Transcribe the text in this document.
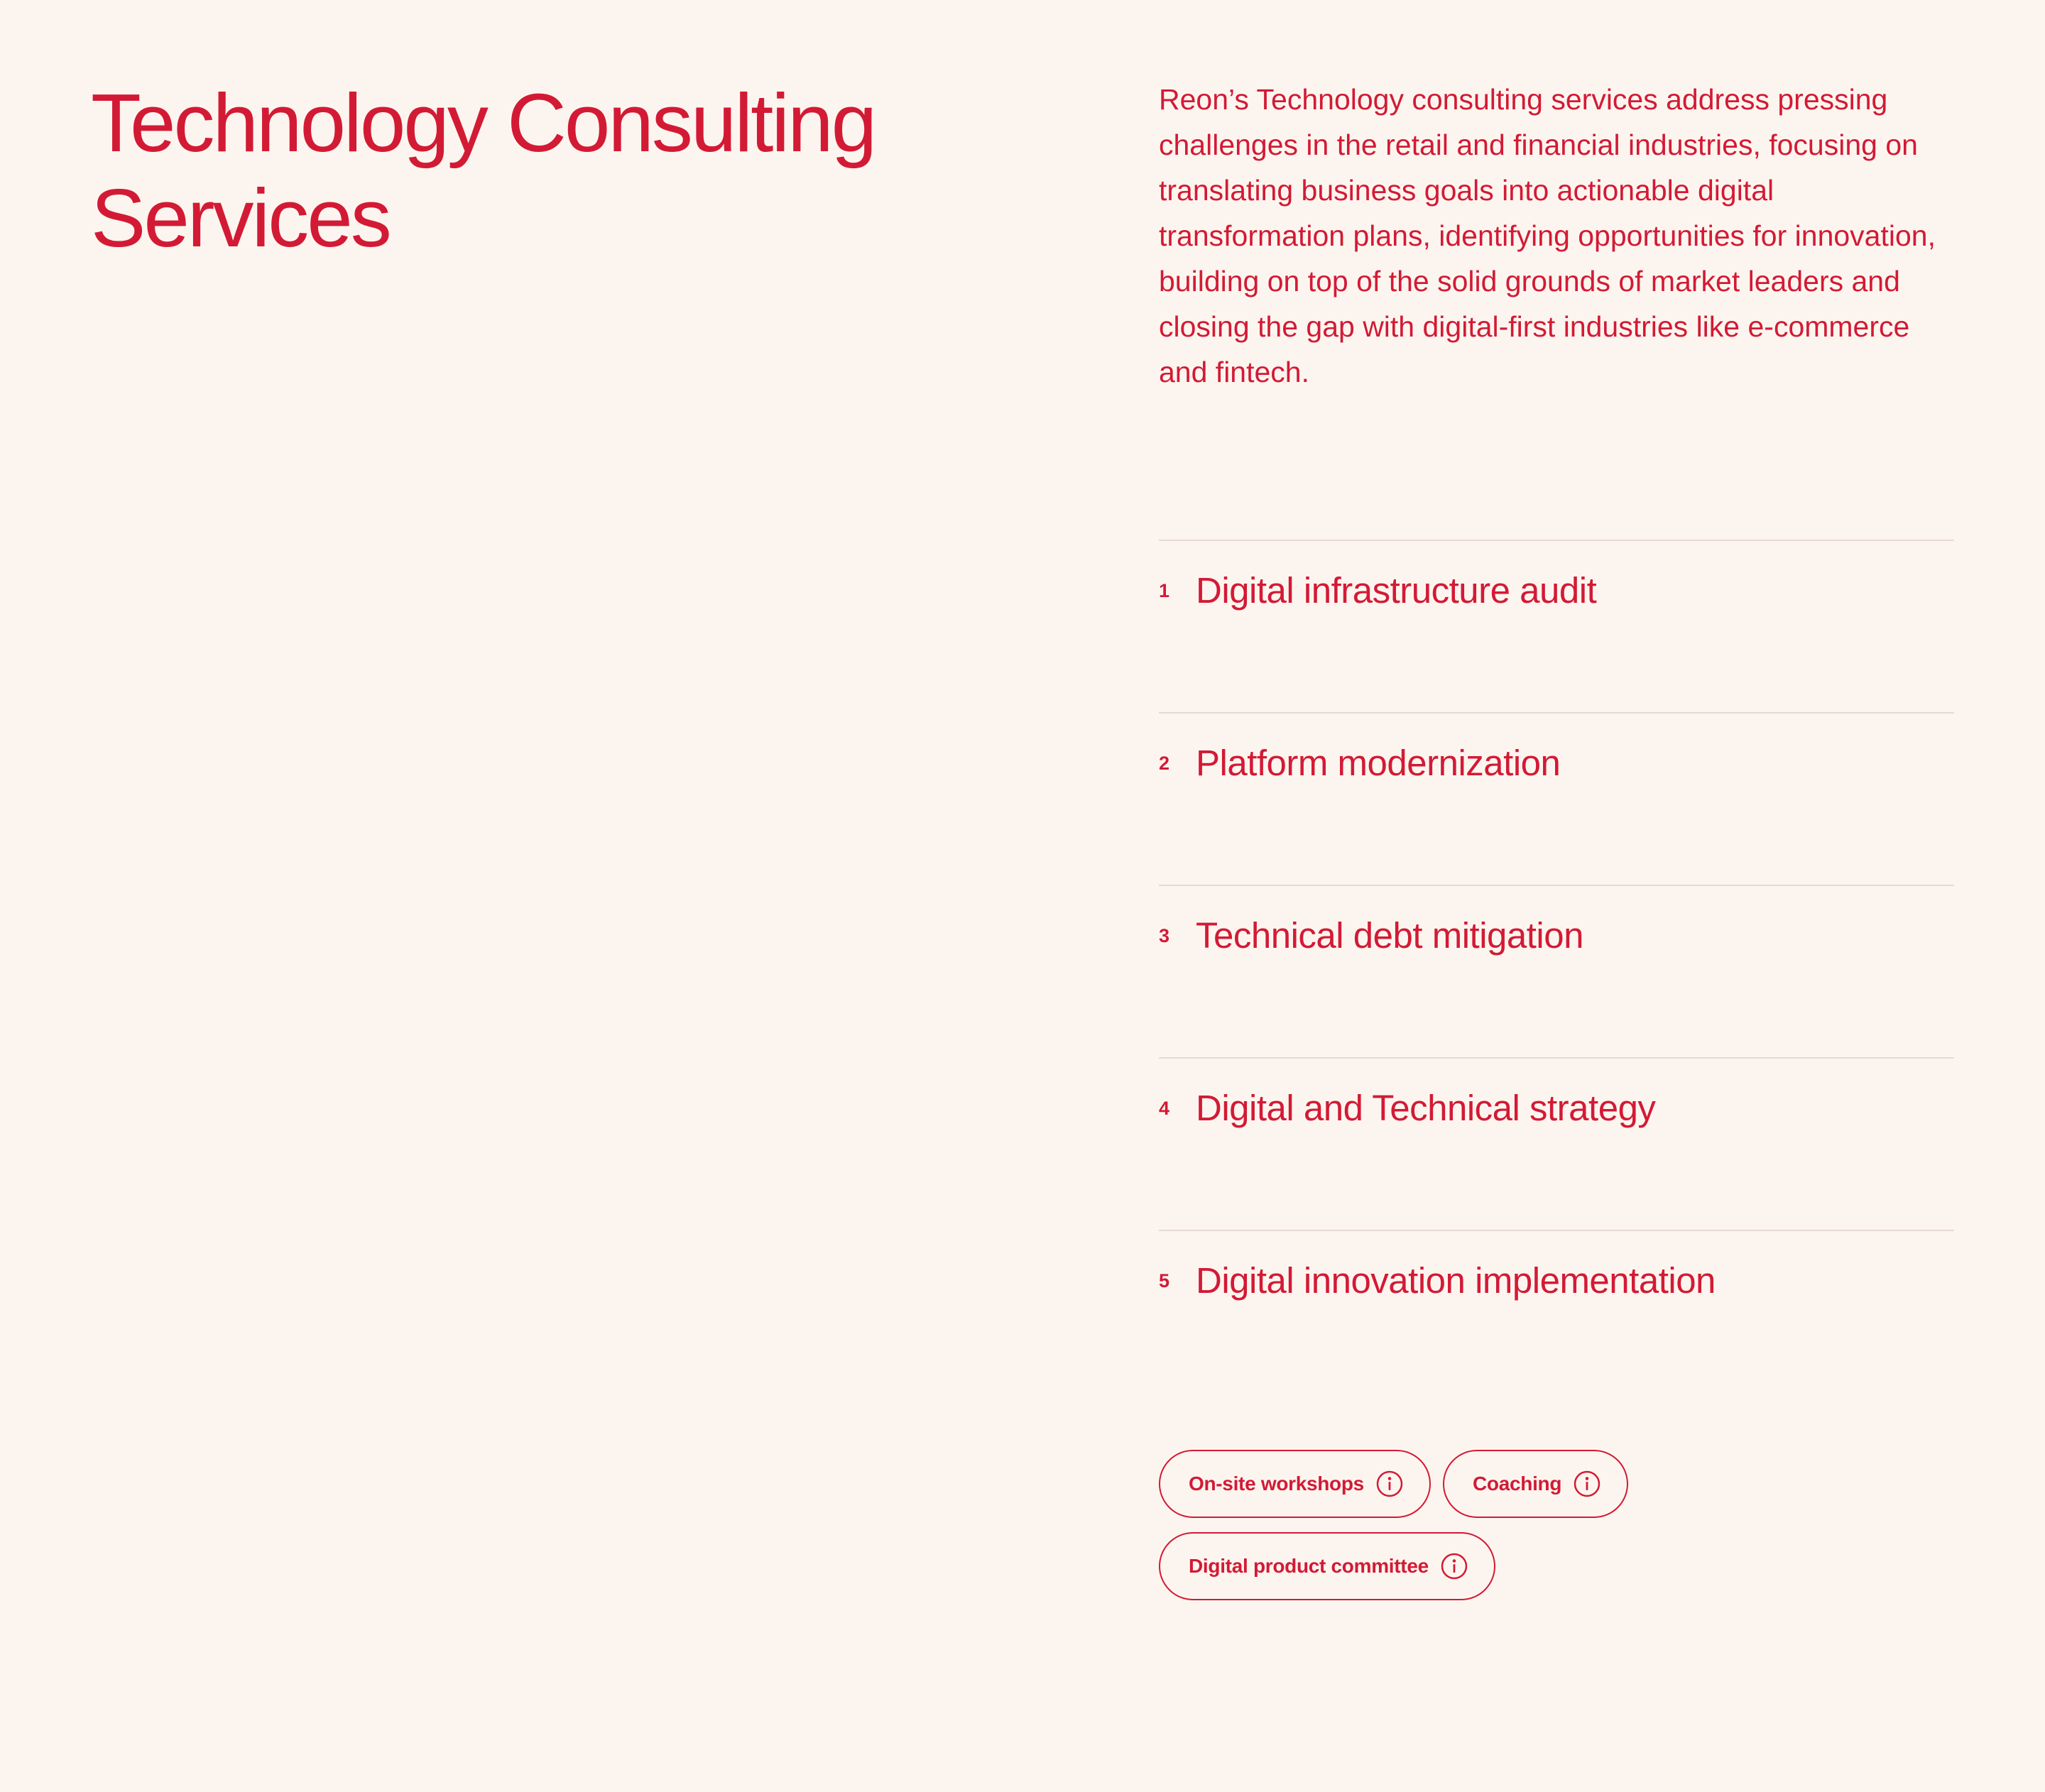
Technology Consulting
Services

Reon’s Technology consulting services address pressing challenges in the retail and financial industries, focusing on translating business goals into actionable digital transformation plans, identifying opportunities for innovation, building on top of the solid grounds of market leaders and closing the gap with digital-first industries like e-commerce and fintech.

1 Digital infrastructure audit
2 Platform modernization
3 Technical debt mitigation
4 Digital and Technical strategy
5 Digital innovation implementation
On-site workshops	Coaching
Digital product committee
